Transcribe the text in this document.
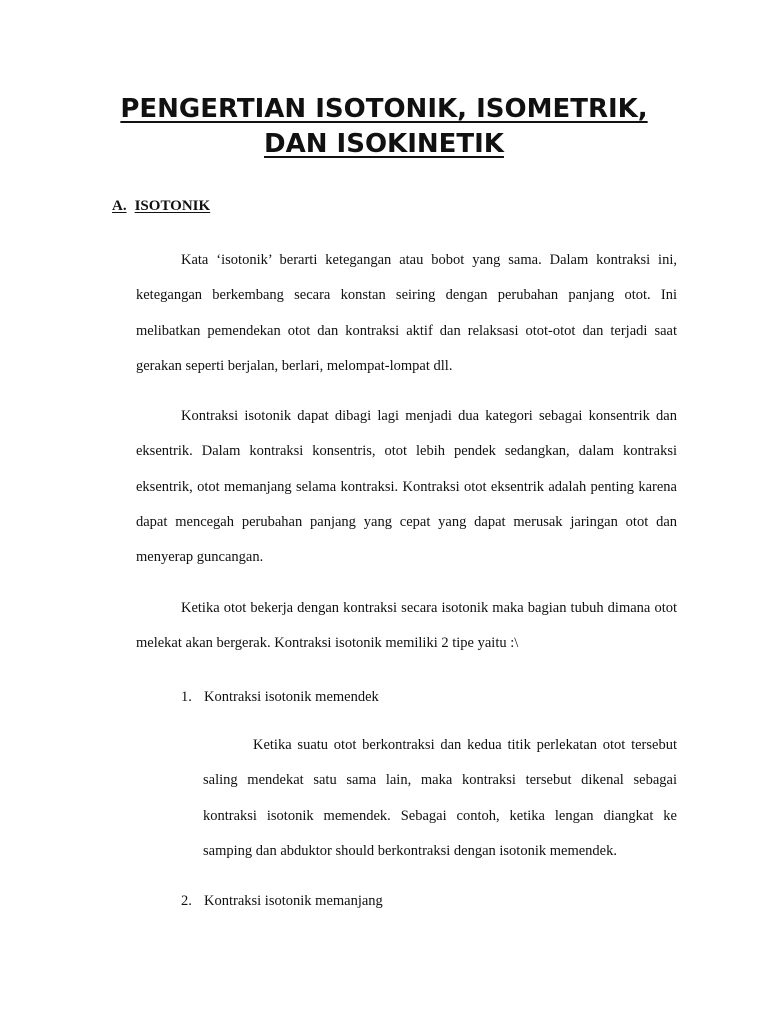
PENGERTIAN ISOTONIK, ISOMETRIK,
DAN ISOKINETIK
A. ISOTONIK

Kata ‘isotonik’ berarti ketegangan atau bobot yang sama. Dalam kontraksi ini, ketegangan berkembang secara konstan seiring dengan perubahan panjang otot. Ini melibatkan pemendekan otot dan kontraksi aktif dan relaksasi otot-otot dan terjadi saat gerakan seperti berjalan, berlari, melompat-lompat dll.

Kontraksi isotonik dapat dibagi lagi menjadi dua kategori sebagai konsentrik dan eksentrik. Dalam kontraksi konsentris, otot lebih pendek sedangkan, dalam kontraksi eksentrik, otot memanjang selama kontraksi. Kontraksi otot eksentrik adalah penting karena dapat mencegah perubahan panjang yang cepat yang dapat merusak jaringan otot dan menyerap guncangan.

Ketika otot bekerja dengan kontraksi secara isotonik maka bagian tubuh dimana otot melekat akan bergerak. Kontraksi isotonik memiliki 2 tipe yaitu :\

1. Kontraksi isotonik memendek

Ketika suatu otot berkontraksi dan kedua titik perlekatan otot tersebut saling mendekat satu sama lain, maka kontraksi tersebut dikenal sebagai kontraksi isotonik memendek. Sebagai contoh, ketika lengan diangkat ke samping dan abduktor should berkontraksi dengan isotonik memendek.

2. Kontraksi isotonik memanjang
